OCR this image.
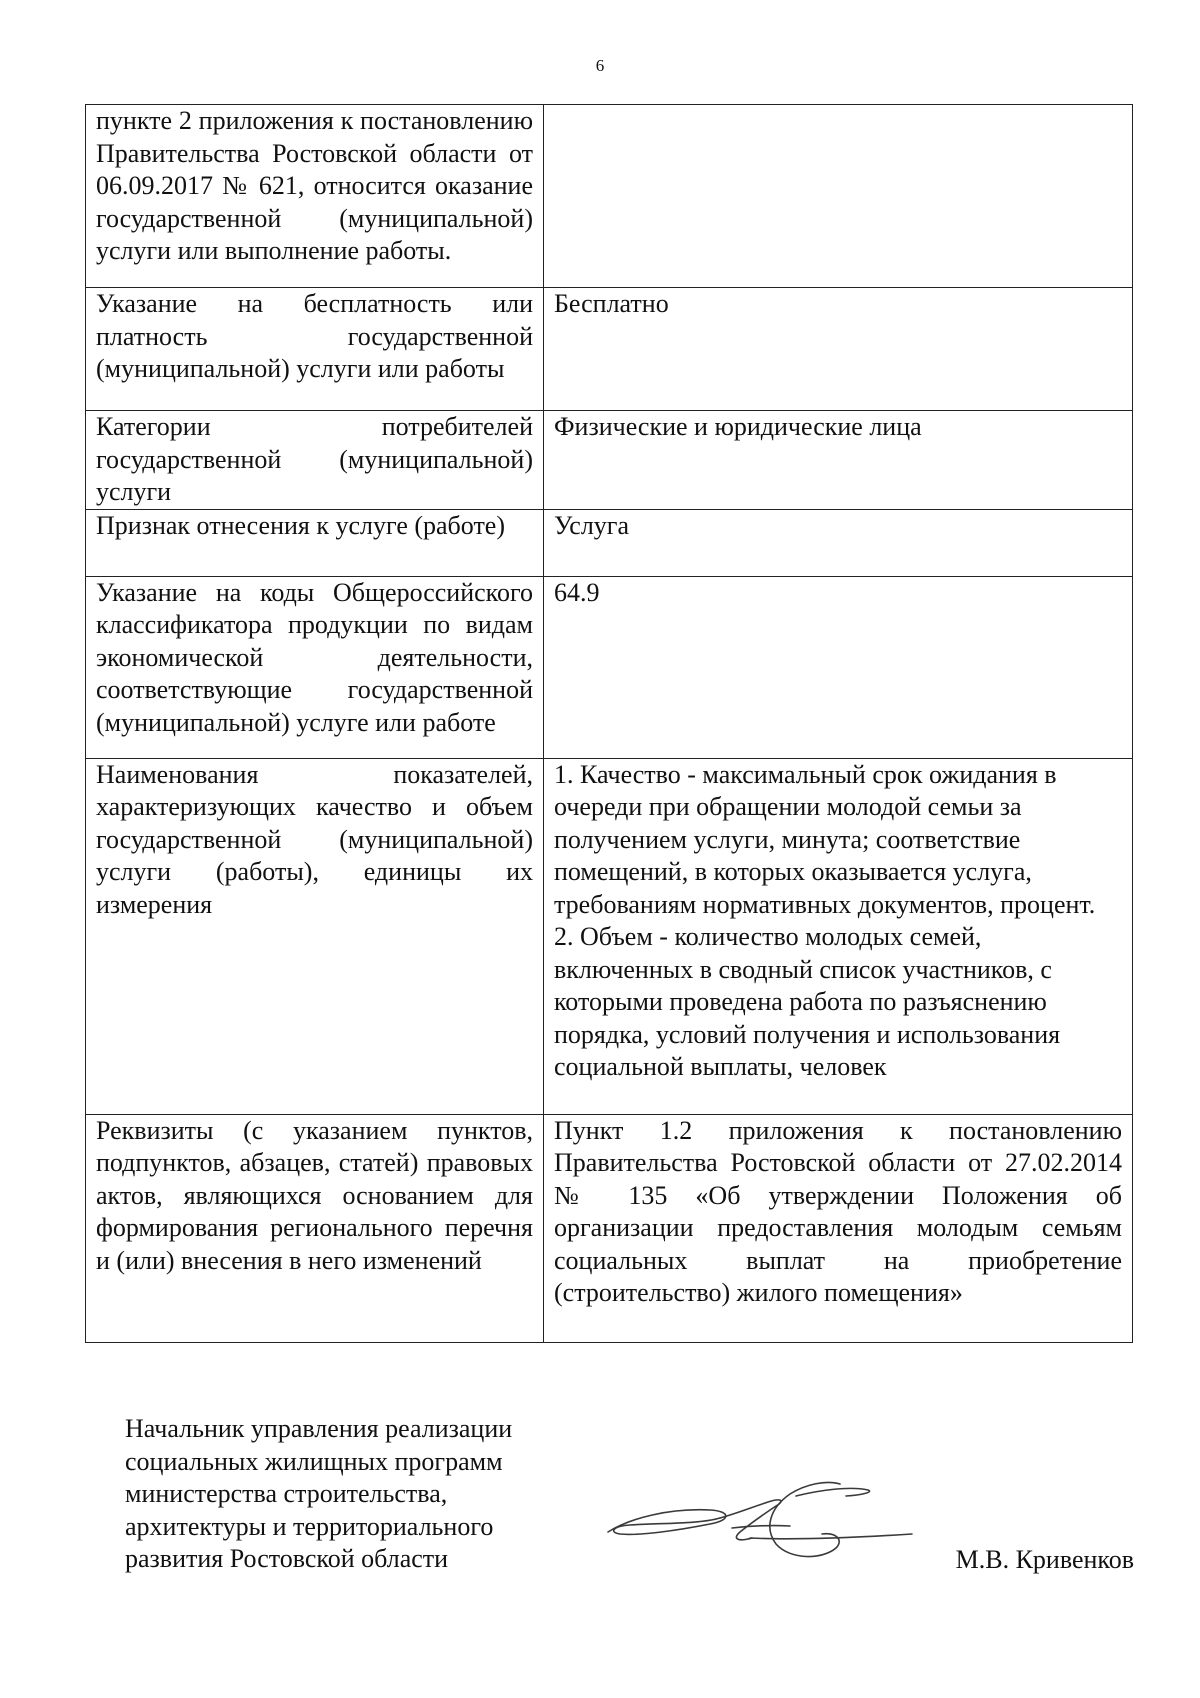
6
пункте 2 приложения к постановлению Правительства Ростовской области от 06.09.2017 № 621, относится оказание государственной (муниципальной) услуги или выполнение работы.	
Указание на бесплатность или платность государственной (муниципальной) услуги или работы	Бесплатно
Категории потребителей государственной (муниципальной) услуги	Физические и юридические лица
Признак отнесения к услуге (работе)	Услуга
Указание на коды Общероссийского классификатора продукции по видам экономической деятельности, соответствующие государственной (муниципальной) услуге или работе	64.9
Наименования показателей, характеризующих качество и объем государственной (муниципальной) услуги (работы), единицы их измерения	1. Качество - максимальный срок ожидания в очереди при обращении молодой семьи за получением услуги, минута; соответствие помещений, в которых оказывается услуга, требованиям нормативных документов, процент.
2. Объем - количество молодых семей, включенных в сводный список участников, с которыми проведена работа по разъяснению порядка, условий получения и использования социальной выплаты, человек

Реквизиты (с указанием пунктов, подпунктов, абзацев, статей) правовых актов, являющихся основанием для формирования регионального перечня и (или) внесения в него изменений	Пункт 1.2 приложения к постановлению Правительства Ростовской области от 27.02.2014 № 135 «Об утверждении Положения об организации предоставления молодым семьям социальных выплат на приобретение (строительство) жилого помещения»
Начальник управления реализации
социальных жилищных программ
министерства строительства,
архитектуры и территориального
развития Ростовской области	М.В. Кривенков
